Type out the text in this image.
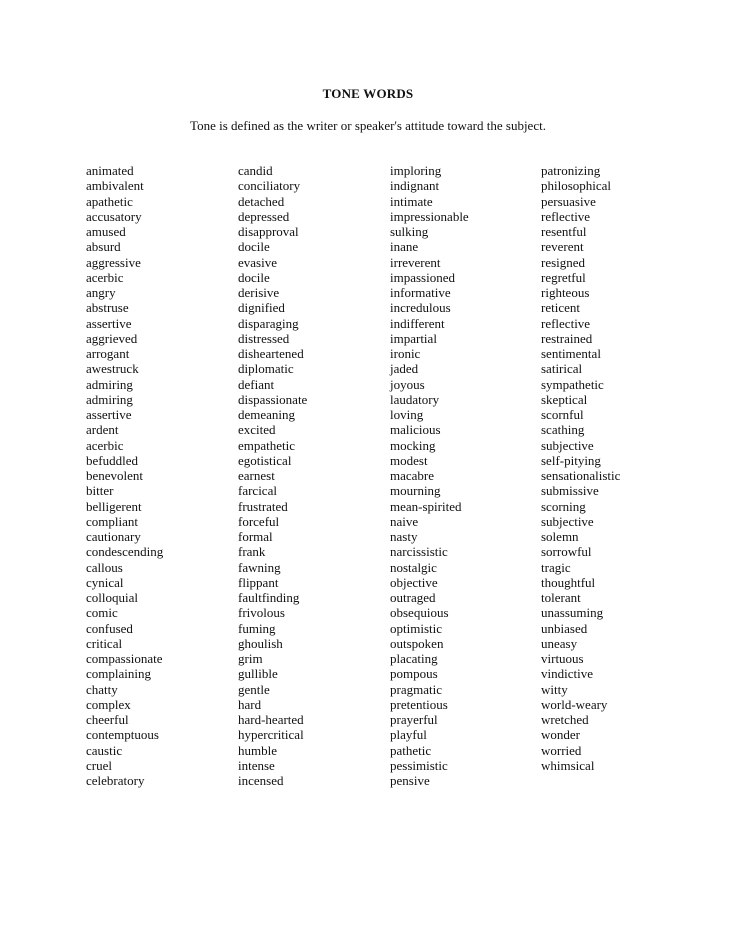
TONE WORDS
Tone is defined as the writer or speaker's attitude toward the subject.
animated
ambivalent
apathetic
accusatory
amused
absurd
aggressive
acerbic
angry
abstruse
assertive
aggrieved
arrogant
awestruck
admiring
admiring
assertive
ardent
acerbic
befuddled
benevolent
bitter
belligerent
compliant
cautionary
condescending
callous
cynical
colloquial
comic
confused
critical
compassionate
complaining
chatty
complex
cheerful
contemptuous
caustic
cruel
celebratory
candid
conciliatory
detached
depressed
disapproval
docile
evasive
docile
derisive
dignified
disparaging
distressed
disheartened
diplomatic
defiant
dispassionate
demeaning
excited
empathetic
egotistical
earnest
farcical
frustrated
forceful
formal
frank
fawning
flippant
faultfinding
frivolous
fuming
ghoulish
grim
gullible
gentle
hard
hard-hearted
hypercritical
humble
intense
incensed
imploring
indignant
intimate
impressionable
sulking
inane
irreverent
impassioned
informative
incredulous
indifferent
impartial
ironic
jaded
joyous
laudatory
loving
malicious
mocking
modest
macabre
mourning
mean-spirited
naive
nasty
narcissistic
nostalgic
objective
outraged
obsequious
optimistic
outspoken
placating
pompous
pragmatic
pretentious
prayerful
playful
pathetic
pessimistic
pensive
patronizing
philosophical
persuasive
reflective
resentful
reverent
resigned
regretful
righteous
reticent
reflective
restrained
sentimental
satirical
sympathetic
skeptical
scornful
scathing
subjective
self-pitying
sensationalistic
submissive
scorning
subjective
solemn
sorrowful
tragic
thoughtful
tolerant
unassuming
unbiased
uneasy
virtuous
vindictive
witty
world-weary
wretched
wonder
worried
whimsical
